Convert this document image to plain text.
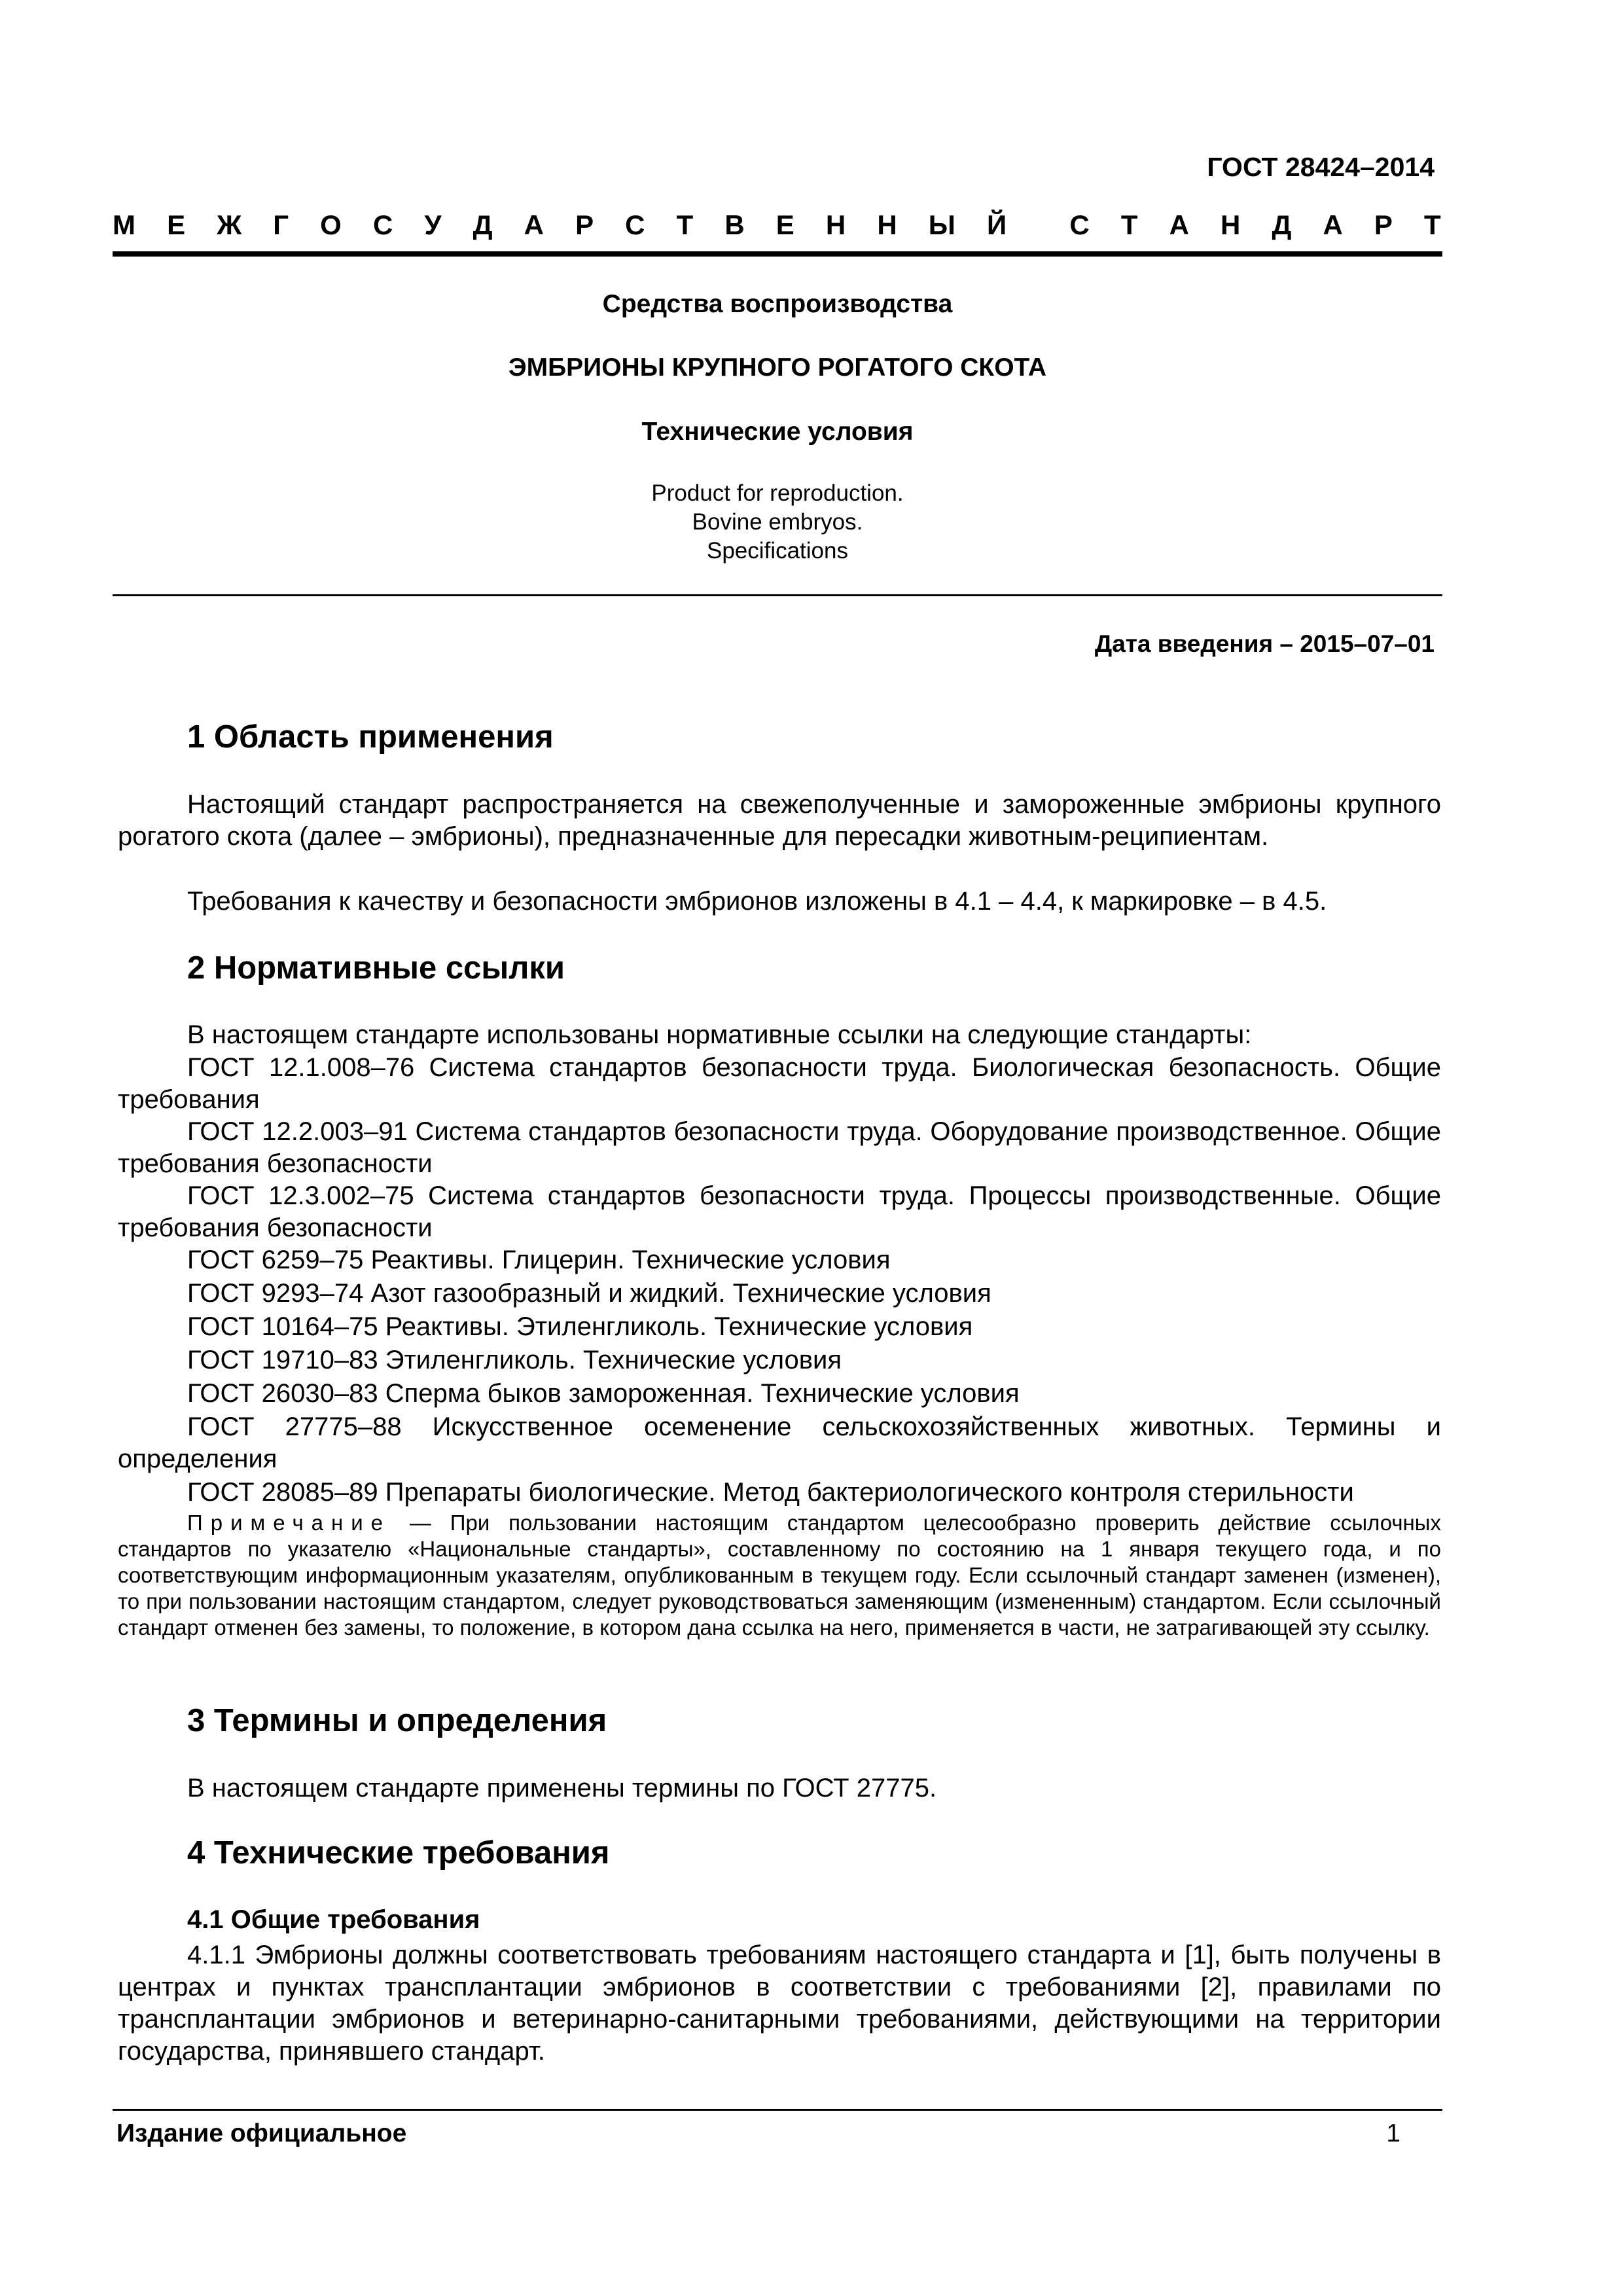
ГОСТ 28424–2014
М Е Ж Г О С У Д А Р С Т В Е Н Н Ы Й С Т А Н Д А Р Т
Средства воспроизводства
ЭМБРИОНЫ КРУПНОГО РОГАТОГО СКОТА
Технические условия
Product for reproduction.
Bovine embryos.
Specifications
Дата введения – 2015–07–01
1 Область применения
Настоящий стандарт распространяется на свежеполученные и замороженные эмбрионы крупного рогатого скота (далее – эмбрионы), предназначенные для пересадки животным-реципиентам.
Требования к качеству и безопасности эмбрионов изложены в 4.1 – 4.4, к маркировке – в 4.5.
2 Нормативные ссылки
В настоящем стандарте использованы нормативные ссылки на следующие стандарты:
ГОСТ 12.1.008–76 Система стандартов безопасности труда. Биологическая безопасность. Общие требования
ГОСТ 12.2.003–91 Система стандартов безопасности труда. Оборудование производственное. Общие требования безопасности
ГОСТ 12.3.002–75 Система стандартов безопасности труда. Процессы производственные. Общие требования безопасности
ГОСТ 6259–75 Реактивы. Глицерин. Технические условия
ГОСТ 9293–74 Азот газообразный и жидкий. Технические условия
ГОСТ 10164–75 Реактивы. Этиленгликоль. Технические условия
ГОСТ 19710–83 Этиленгликоль. Технические условия
ГОСТ 26030–83 Сперма быков замороженная. Технические условия
ГОСТ 27775–88 Искусственное осеменение сельскохозяйственных животных. Термины и определения
ГОСТ 28085–89 Препараты биологические. Метод бактериологического контроля стерильности
Примечание — При пользовании настоящим стандартом целесообразно проверить действие ссылочных стандартов по указателю «Национальные стандарты», составленному по состоянию на 1 января текущего года, и по соответствующим информационным указателям, опубликованным в текущем году. Если ссылочный стандарт заменен (изменен), то при пользовании настоящим стандартом, следует руководствоваться заменяющим (измененным) стандартом. Если ссылочный стандарт отменен без замены, то положение, в котором дана ссылка на него, применяется в части, не затрагивающей эту ссылку.
3 Термины и определения
В настоящем стандарте применены термины по ГОСТ 27775.
4 Технические требования
4.1 Общие требования
4.1.1 Эмбрионы должны соответствовать требованиям настоящего стандарта и [1], быть получены в центрах и пунктах трансплантации эмбрионов в соответствии с требованиями [2], правилами по трансплантации эмбрионов и ветеринарно-санитарными требованиями, действующими на территории государства, принявшего стандарт.
Издание официальное	1
